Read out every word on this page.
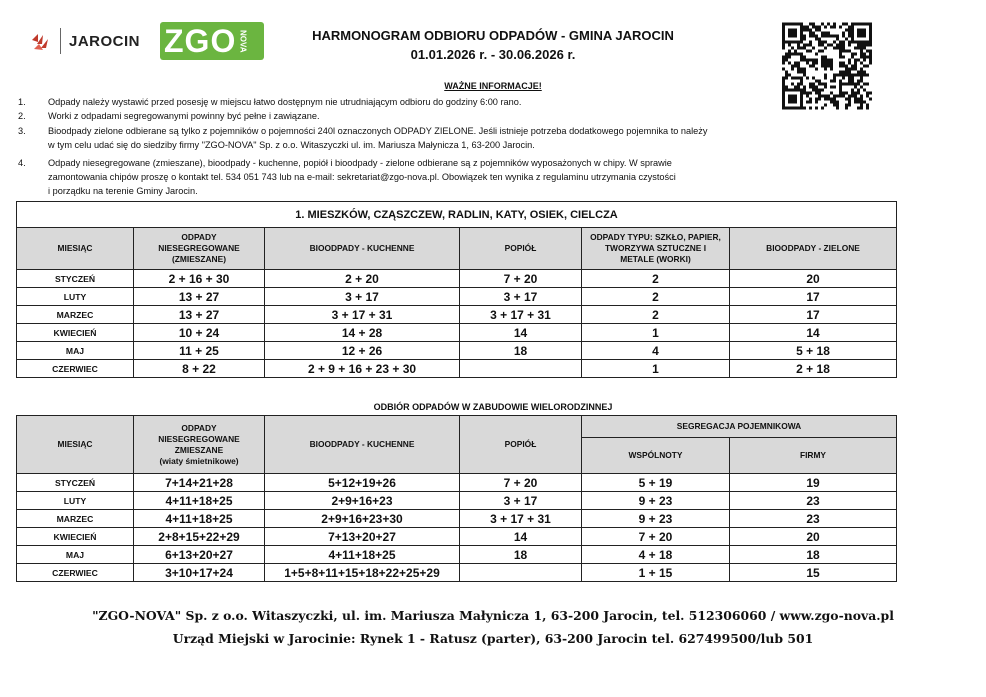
JAROCIN ZGO NOVA	HARMONOGRAM ODBIORU ODPADÓW - GMINA JAROCIN
01.01.2026 r. - 30.06.2026 r.
WAŻNE INFORMACJE!
1. Odpady należy wystawić przed posesję w miejscu łatwo dostępnym nie utrudniającym odbioru do godziny 6:00 rano.
2. Worki z odpadami segregowanymi powinny być pełne i zawiązane.
3. Bioodpady zielone odbierane są tylko z pojemników o pojemności 240l oznaczonych ODPADY ZIELONE. Jeśli istnieje potrzeba dodatkowego pojemnika to należy
w tym celu udać się do siedziby firmy "ZGO-NOVA" Sp. z o.o. Witaszyczki ul. im. Mariusza Małynicza 1, 63-200 Jarocin.
4. Odpady niesegregowane (zmieszane), bioodpady - kuchenne, popiół i bioodpady - zielone odbierane są z pojemników wyposażonych w chipy. W sprawie
zamontowania chipów proszę o kontakt tel. 534 051 743 lub na e-mail: sekretariat@zgo-nova.pl. Obowiązek ten wynika z regulaminu utrzymania czystości
i porządku na terenie Gminy Jarocin.
1. MIESZKÓW, CZĄSZCZEW, RADLIN, KATY, OSIEK, CIELCZA					
MIESIĄC	ODPADY
NIESEGREGOWANE
(ZMIESZANE)	BIOODPADY - KUCHENNE	POPIÓŁ	ODPADY TYPU: SZKŁO, PAPIER,
TWORZYWA SZTUCZNE I
METALE (WORKI)	BIOODPADY - ZIELONE
STYCZEŃ	2 + 16 + 30	2 + 20	7 + 20	2	20
LUTY	13 + 27	3 + 17	3 + 17	2	17
MARZEC	13 + 27	3 + 17 + 31	3 + 17 + 31	2	17
KWIECIEŃ	10 + 24	14 + 28	14	1	14
MAJ	11 + 25	12 + 26	18	4	5 + 18
CZERWIEC	8 + 22	2 + 9 + 16 + 23 + 30		1	2 + 18
ODBIÓR ODPADÓW W ZABUDOWIE WIELORODZINNEJ
MIESIĄC	ODPADY
NIESEGREGOWANE
ZMIESZANE
(wiaty śmietnikowe)	BIOODPADY - KUCHENNE	POPIÓŁ	SEGREGACJA POJEMNIKOWA	
				WSPÓLNOTY	FIRMY
STYCZEŃ	7+14+21+28	5+12+19+26	7 + 20	5 + 19	19
LUTY	4+11+18+25	2+9+16+23	3 + 17	9 + 23	23
MARZEC	4+11+18+25	2+9+16+23+30	3 + 17 + 31	9 + 23	23
KWIECIEŃ	2+8+15+22+29	7+13+20+27	14	7 + 20	20
MAJ	6+13+20+27	4+11+18+25	18	4 + 18	18
CZERWIEC	3+10+17+24	1+5+8+11+15+18+22+25+29		1 + 15	15
"ZGO-NOVA" Sp. z o.o. Witaszyczki, ul. im. Mariusza Małynicza 1, 63-200 Jarocin, tel. 512306060 / www.zgo-nova.pl
Urząd Miejski w Jarocinie: Rynek 1 - Ratusz (parter), 63-200 Jarocin tel. 627499500/lub 501
